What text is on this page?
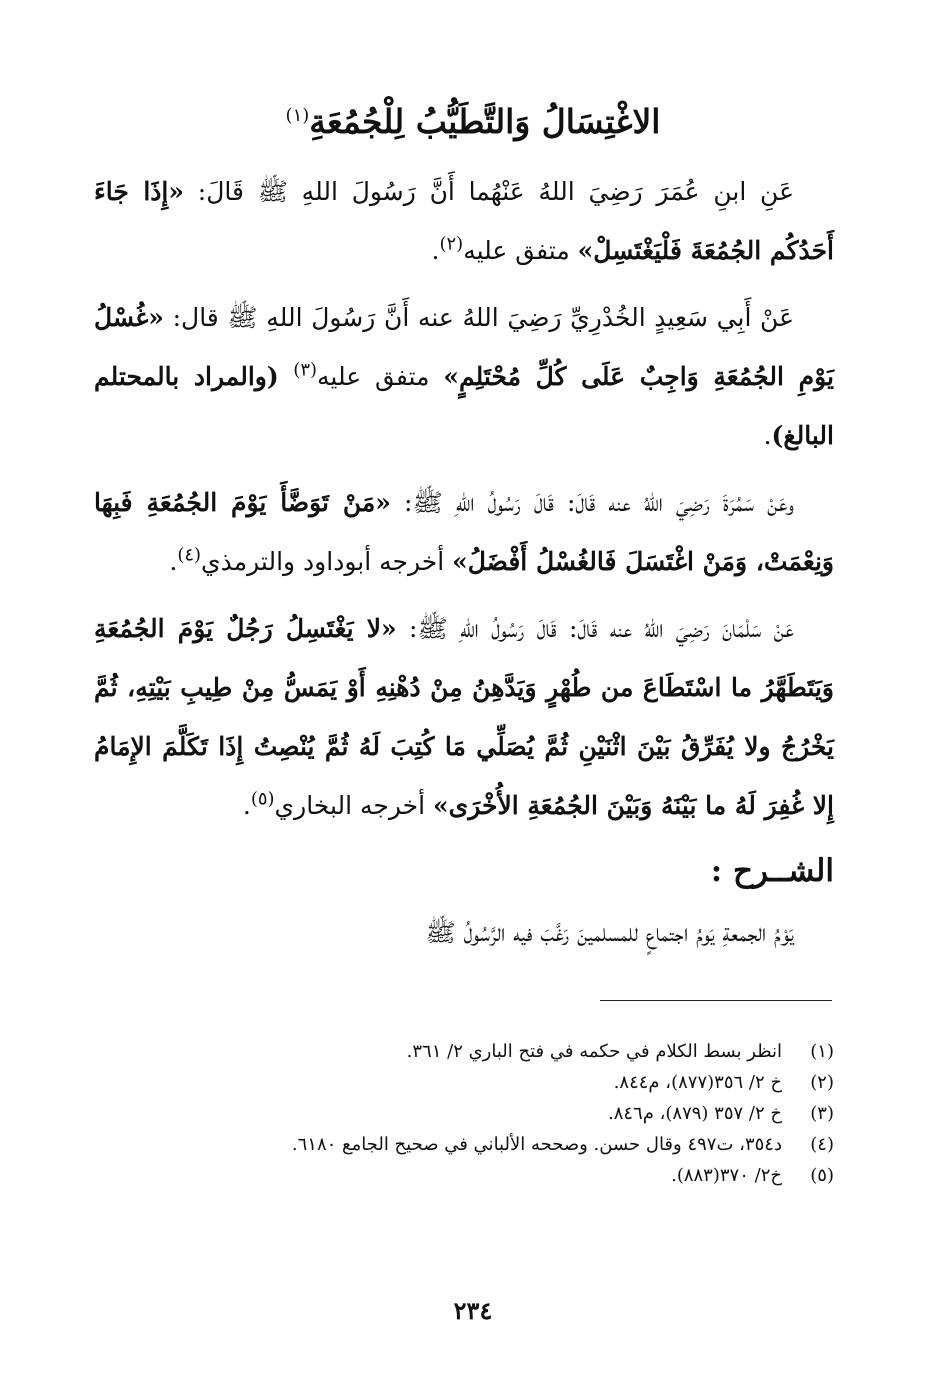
الاغْتِسَالُ وَالتَّطَيُّبُ لِلْجُمُعَةِ$^{(١)}$

عَنِ ابنِ عُمَرَ رَضِيَ اللهُ عَنْهُما أَنَّ رَسُولَ اللهِ ﷺ قَالَ: «إِذَا جَاءَ أَحَدُكُم الجُمُعَةَ فَلْيَغْتَسِلْ» متفق عليه$^{(٢)}$.

عَنْ أَبِي سَعِيدٍ الخُدْرِيِّ رَضِيَ اللهُ عنه أَنَّ رَسُولَ اللهِ ﷺ قال: «غُسْلُ يَوْمِ الجُمُعَةِ وَاجِبٌ عَلَى كُلِّ مُحْتَلِمٍ» متفق عليه$^{(٣)}$ (والمراد بالمحتلم البالغ).

وعَنْ سَمُرَةَ رَضِيَ اللهُ عنه قَالَ: قَالَ رَسُولُ اللهِ ﷺ: «مَنْ تَوَضَّأَ يَوْمَ الجُمُعَةِ فَبِهَا وَنِعْمَتْ، وَمَنْ اغْتَسَلَ فَالغُسْلُ أَفْضَلُ» أخرجه أبوداود والترمذي$^{(٤)}$.

عَنْ سَلْمَانَ رَضِيَ اللهُ عنه قَالَ: قَالَ رَسُولُ اللهِ ﷺ: «لا يَغْتَسِلُ رَجُلٌ يَوْمَ الجُمُعَةِ وَيَتَطَهَّرُ ما اسْتَطَاعَ من طُهْرٍ وَيَدَّهِنُ مِنْ دُهْنِهِ أَوْ يَمَسُّ مِنْ طِيبِ بَيْتِهِ، ثُمَّ يَخْرُجُ ولا يُفَرِّقُ بَيْنَ اثْنَيْنِ ثُمَّ يُصَلِّي مَا كُتِبَ لَهُ ثُمَّ يُنْصِتُ إِذَا تَكَلَّمَ الإِمَامُ إِلا غُفِرَ لَهُ ما بَيْنَهُ وَبَيْنَ الجُمُعَةِ الأُخْرَى» أخرجه البخاري$^{(٥)}$.

الشــرح :

يَوْمُ الجمعةِ يَومُ اجتماعٍ للمسلمينَ رَغَّبَ فيه الرَّسُولُ ﷺ

(١)
انظر بسط الكلام في حكمه في فتح الباري ٢/ ٣٦١.
(٢)
خ ٢/ ٣٥٦(٨٧٧)، م٨٤٤.
(٣)
خ ٢/ ٣٥٧ (٨٧٩)، م٨٤٦.
(٤)
د٣٥٤، ت٤٩٧ وقال حسن. وصححه الألباني في صحيح الجامع ٦١٨٠.
(٥)
خ٢/ ٣٧٠(٨٨٣).
٢٣٤
